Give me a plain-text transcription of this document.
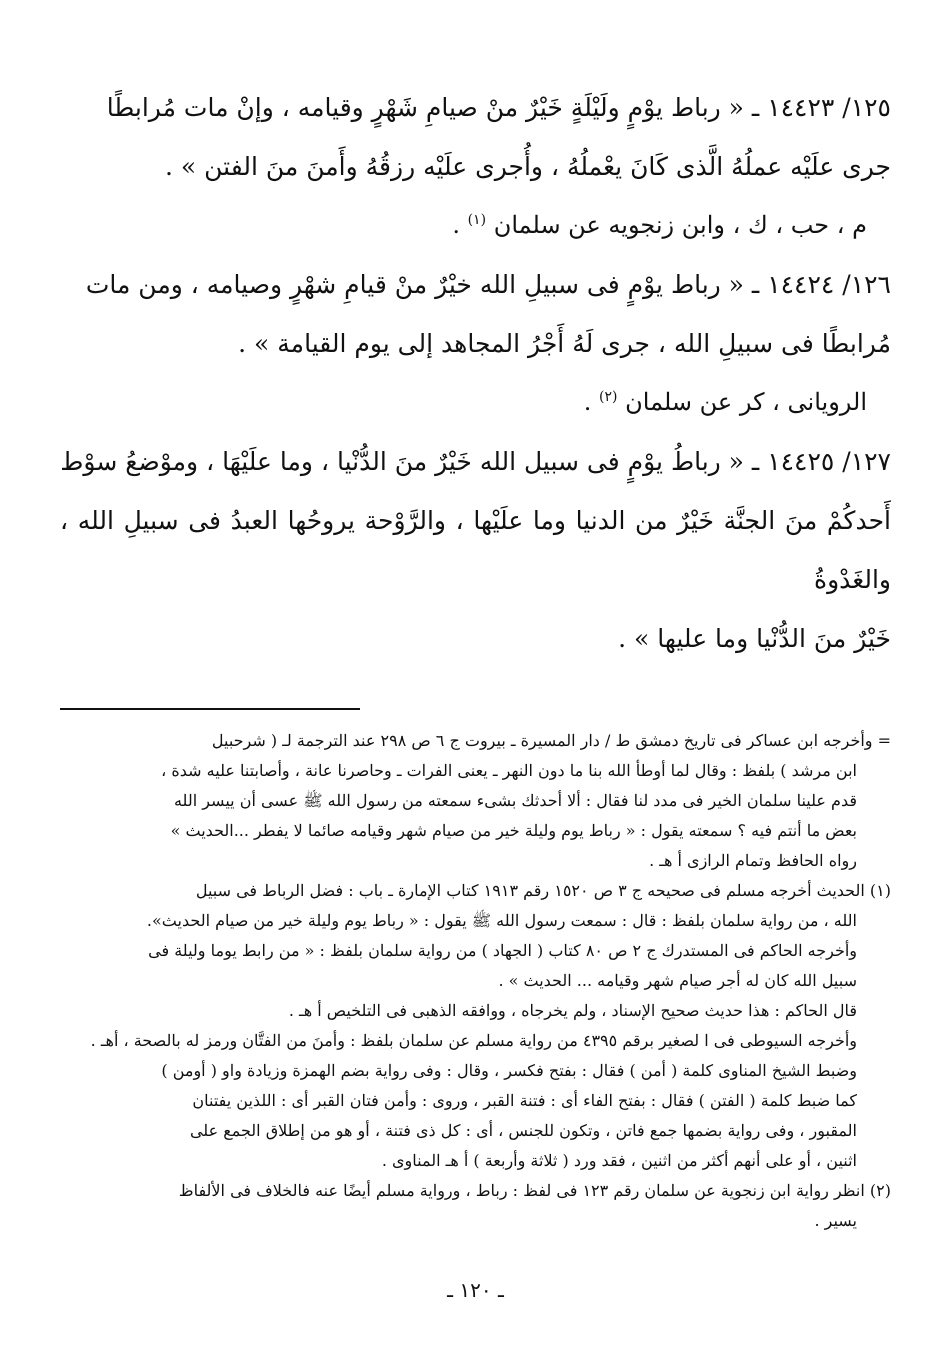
١٢٥/ ١٤٤٢٣ ـ « رباط يوْمٍ ولَيْلَةٍ خَيْرٌ منْ صيامِ شَهْرٍ وقيامه ، وإنْ مات مُرابطًا

جرى علَيْه عملُهُ الَّذى كَانَ يعْملُهُ ، وأُجرى علَيْه رزقُهُ وأَمنَ منَ الفتن » .

م ، حب ، ك ، وابن زنجويه عن سلمان $^{(١)}$ .

١٢٦/ ١٤٤٢٤ ـ « رباط يوْمٍ فى سبيلِ الله خيْرٌ منْ قيامِ شهْرٍ وصيامه ، ومن مات

مُرابطًا فى سبيلِ الله ، جرى لَهُ أَجْرُ المجاهد إلى يوم القيامة » .

الرويانى ، كر عن سلمان $^{(٢)}$ .

١٢٧/ ١٤٤٢٥ ـ « رباطُ يوْمٍ فى سبيل الله خَيْرٌ منَ الدُّنْيا ، وما علَيْهَا ، وموْضعُ سوْط

أَحدكُمْ منَ الجنَّة خَيْرٌ من الدنيا وما علَيْها ، والرَّوْحة يروحُها العبدُ فى سبيلِ الله ، والغَدْوةُ

خَيْرٌ منَ الدُّنْيا وما عليها » .

= وأخرجه ابن عساكر فى تاريخ دمشق ط / دار المسيرة ـ بيروت ج ٦ ص ٢٩٨ عند الترجمة لـ ( شرحبيل

ابن مرشد ) بلفظ : وقال لما أوطأ الله بنا ما دون النهر ـ يعنى الفرات ـ وحاصرنا عانة ، وأصابتنا عليه شدة ،

قدم علينا سلمان الخير فى مدد لنا فقال : ألا أحدثك بشىء سمعته من رسول الله ﷺ عسى أن ييسر الله

بعض ما أنتم فيه ؟ سمعته يقول : « رباط يوم وليلة خير من صيام شهر وقيامه صائما لا يفطر ...الحديث »

رواه الحافظ وتمام الرازى أ هـ .

(١) الحديث أخرجه مسلم فى صحيحه ج ٣ ص ١٥٢٠ رقم ١٩١٣ كتاب الإمارة ـ باب : فضل الرباط فى سبيل

الله ، من رواية سلمان بلفظ : قال : سمعت رسول الله ﷺ يقول : « رباط يوم وليلة خير من صيام الحديث».

وأخرجه الحاكم فى المستدرك ج ٢ ص ٨٠ كتاب ( الجهاد ) من رواية سلمان بلفظ : « من رابط يوما وليلة فى

سبيل الله كان له أجر صيام شهر وقيامه ... الحديث » .

قال الحاكم : هذا حديث صحيح الإسناد ، ولم يخرجاه ، ووافقه الذهبى فى التلخيص أ هـ .

وأخرجه السيوطى فى ا لصغير برقم ٤٣٩٥ من رواية مسلم عن سلمان بلفظ : وأمنَ من الفتَّان ورمز له بالصحة ، أهـ .

وضبط الشيخ المناوى كلمة ( أمن ) فقال : بفتح فكسر ، وقال : وفى رواية بضم الهمزة وزيادة واو ( أومن )

كما ضبط كلمة ( الفتن ) فقال : بفتح الفاء أى : فتنة القبر ، وروى : وأمن فتان القبر أى : اللذين يفتنان

المقبور ، وفى رواية بضمها جمع فاتن ، وتكون للجنس ، أى : كل ذى فتنة ، أو هو من إطلاق الجمع على

اثنين ، أو على أنهم أكثر من اثنين ، فقد ورد ( ثلاثة وأربعة ) أ هـ المناوى .

(٢) انظر رواية ابن زنجوية عن سلمان رقم ١٢٣ فى لفظ : رباط ، ورواية مسلم أيضًا عنه فالخلاف فى الألفاظ

يسير .

ـ ١٢٠ ـ
